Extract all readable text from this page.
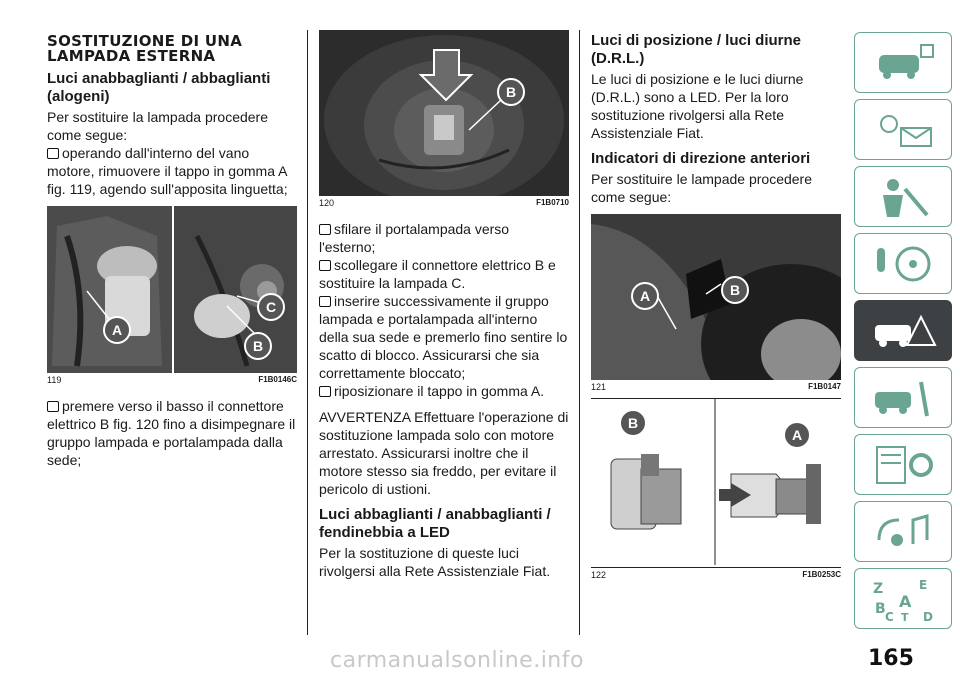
SOSTITUZIONE DI UNA LAMPADA ESTERNA
Luci anabbaglianti / abbaglianti (alogeni)

Per sostituire la lampada procedere come segue:

operando dall'interno del vano motore, rimuovere il tappo in gomma A fig. 119, agendo sull'apposita linguetta;

A
C
B
119	F1B0146C

premere verso il basso il connettore elettrico B fig. 120 fino a disimpegnare il gruppo lampada e portalampada dalla sede;

B
120	F1B0710

sfilare il portalampada verso l'esterno;

scollegare il connettore elettrico B e sostituire la lampada C.

inserire successivamente il gruppo lampada e portalampada all'interno della sua sede e premerlo fino sentire lo scatto di blocco. Assicurarsi che sia correttamente bloccato;

riposizionare il tappo in gomma A.

AVVERTENZA Effettuare l'operazione di sostituzione lampada solo con motore arrestato. Assicurarsi inoltre che il motore stesso sia freddo, per evitare il pericolo di ustioni.

Luci abbaglianti / anabbaglianti / fendinebbia a LED

Per la sostituzione di queste luci rivolgersi alla Rete Assistenziale Fiat.

Luci di posizione / luci diurne (D.R.L.)

Le luci di posizione e le luci diurne (D.R.L.) sono a LED. Per la loro sostituzione rivolgersi alla Rete Assistenziale Fiat.

Indicatori di direzione anteriori

Per sostituire le lampade procedere come segue:

A	B
121	F1B0147
B
A
122	F1B0253C
Z	E
B A
C D
T
165
carmanualsonline.info
